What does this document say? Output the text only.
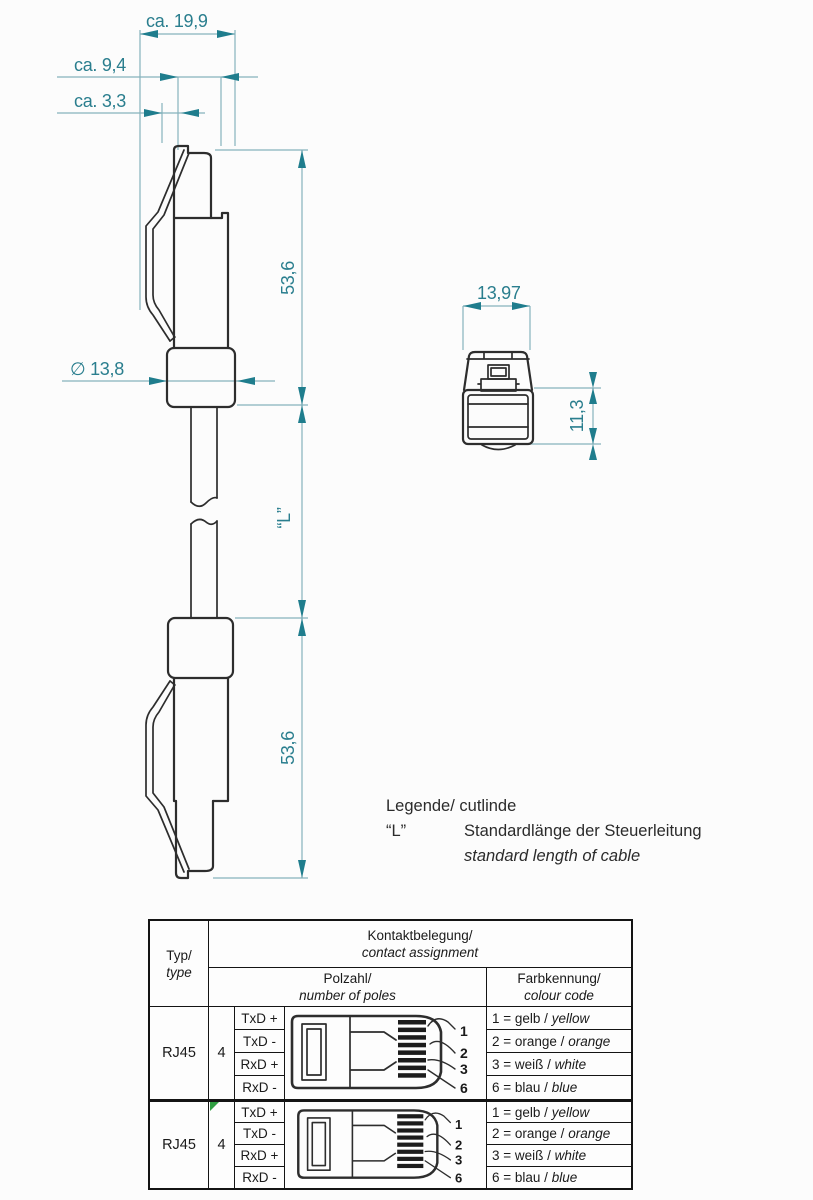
ca. 19,9
ca. 9,4
ca. 3,3
∅ 13,8
53,6
“L”
53,6
13,97
11,3
Legende/ cutlinde
“L”	Standardlänge der Steuerleitung
standard length of cable
Typ/
type
Kontaktbelegung/
contact assignment
Polzahl/
number of poles
Farbkennung/
colour code
RJ45 4
TxD +
TxD -
RxD +
RxD -
1
2
3
6
1 = gelb /
yellow
2 = orange /
orange
3 = weiß /
white
6 = blau /
blue
RJ45 4
TxD +
TxD -
RxD +
RxD -
1
2
3
6
1 = gelb /
yellow
2 = orange /
orange
3 = weiß /
white
6 = blau /
blue
